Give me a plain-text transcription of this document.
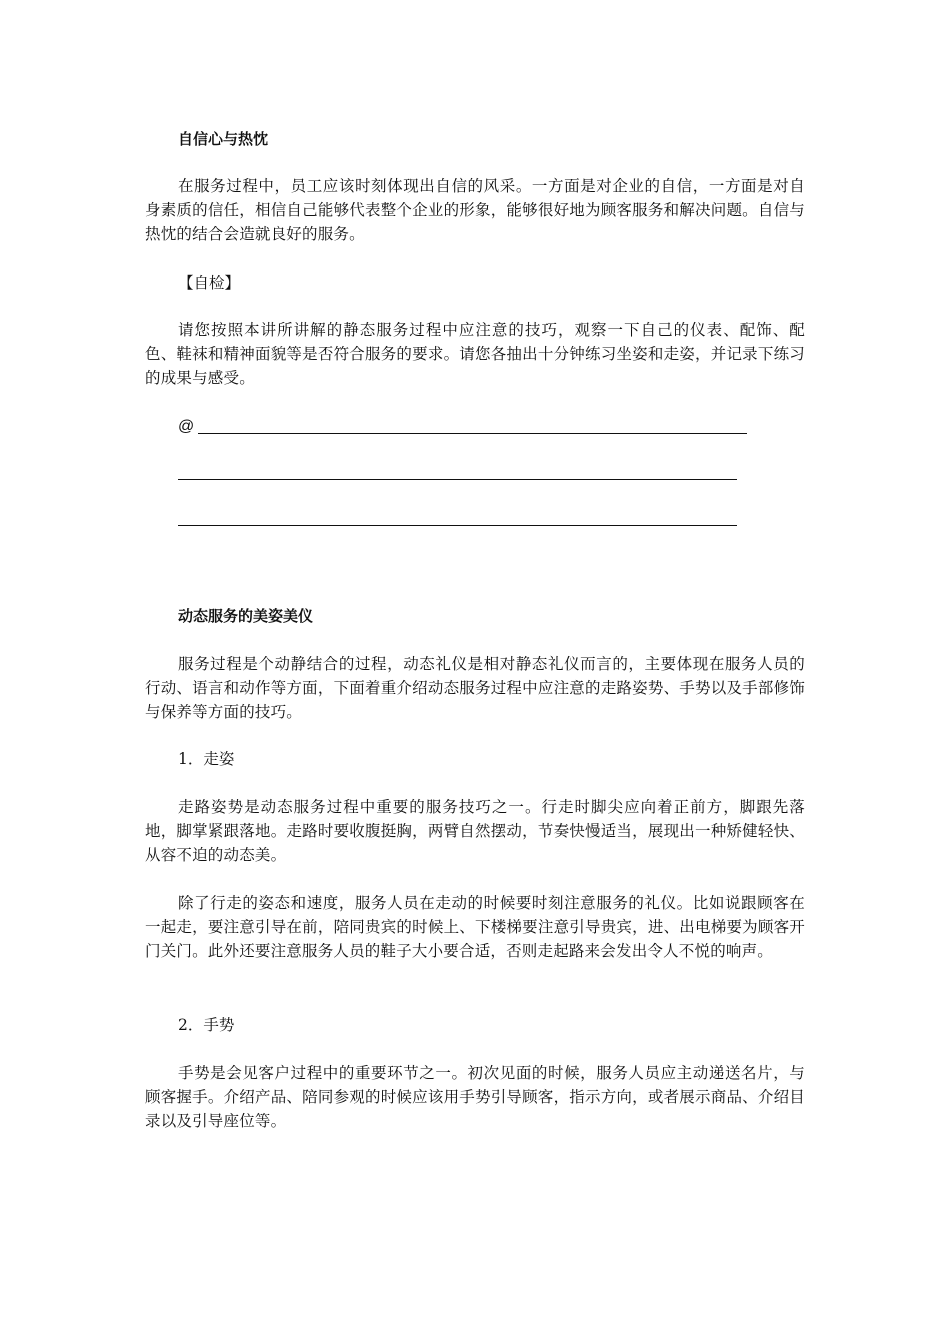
自信心与热忱

在服务过程中，员工应该时刻体现出自信的风采。一方面是对企业的自信，一方面是对自身素质的信任，相信自己能够代表整个企业的形象，能够很好地为顾客服务和解决问题。自信与热忱的结合会造就良好的服务。

【自检】

请您按照本讲所讲解的静态服务过程中应注意的技巧，观察一下自己的仪表、配饰、配色、鞋袜和精神面貌等是否符合服务的要求。请您各抽出十分钟练习坐姿和走姿，并记录下练习的成果与感受。

@
动态服务的美姿美仪

服务过程是个动静结合的过程，动态礼仪是相对静态礼仪而言的，主要体现在服务人员的行动、语言和动作等方面，下面着重介绍动态服务过程中应注意的走路姿势、手势以及手部修饰与保养等方面的技巧。

1．走姿

走路姿势是动态服务过程中重要的服务技巧之一。行走时脚尖应向着正前方，脚跟先落地，脚掌紧跟落地。走路时要收腹挺胸，两臂自然摆动，节奏快慢适当，展现出一种矫健轻快、从容不迫的动态美。

除了行走的姿态和速度，服务人员在走动的时候要时刻注意服务的礼仪。比如说跟顾客在一起走，要注意引导在前，陪同贵宾的时候上、下楼梯要注意引导贵宾，进、出电梯要为顾客开门关门。此外还要注意服务人员的鞋子大小要合适，否则走起路来会发出令人不悦的响声。

2．手势

手势是会见客户过程中的重要环节之一。初次见面的时候，服务人员应主动递送名片，与顾客握手。介绍产品、陪同参观的时候应该用手势引导顾客，指示方向，或者展示商品、介绍目录以及引导座位等。
